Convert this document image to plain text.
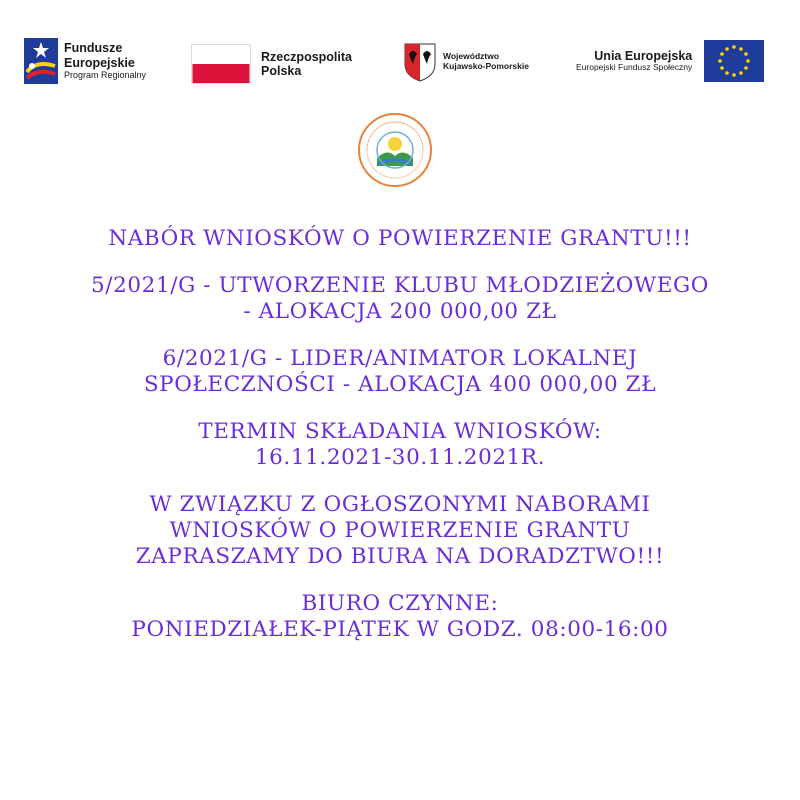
Fundusze
Europejskie
Program Regionalny
Rzeczpospolita
Polska
Województwo
Kujawsko-Pomorskie
Unia Europejska
Europejski Fundusz Społeczny
NABÓR WNIOSKÓW O POWIERZENIE GRANTU!!!
5/2021/G - UTWORZENIE KLUBU MŁODZIEŻOWEGO
- ALOKACJA 200 000,00 ZŁ
6/2021/G - LIDER/ANIMATOR LOKALNEJ
SPOŁECZNOŚCI - ALOKACJA 400 000,00 ZŁ
TERMIN SKŁADANIA WNIOSKÓW:
16.11.2021-30.11.2021R.
W ZWIĄZKU Z OGŁOSZONYMI NABORAMI
WNIOSKÓW O POWIERZENIE GRANTU
ZAPRASZAMY DO BIURA NA DORADZTWO!!!
BIURO CZYNNE:
PONIEDZIAŁEK-PIĄTEK W GODZ. 08:00-16:00
